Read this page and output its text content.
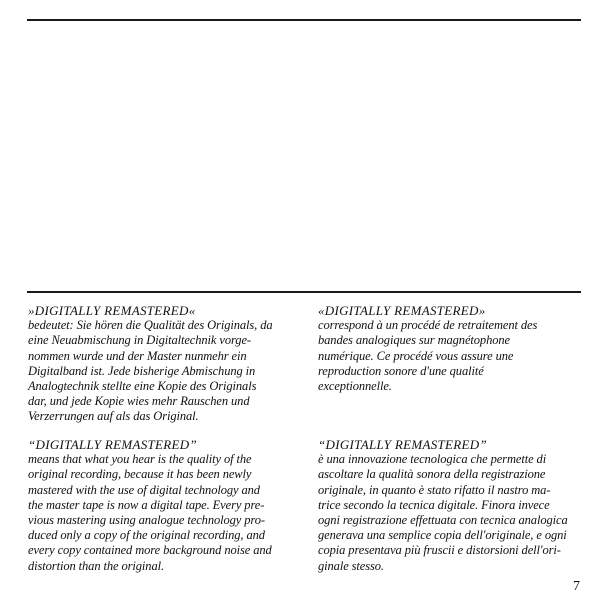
»DIGITALLY REMASTERED«
bedeutet: Sie hören die Qualität des Originals, da
eine Neuabmischung in Digitaltechnik vorge-
nommen wurde und der Master nunmehr ein
Digitalband ist. Jede bisherige Abmischung in
Analogtechnik stellte eine Kopie des Originals
dar, und jede Kopie wies mehr Rauschen und
Verzerrungen auf als das Original.
«DIGITALLY REMASTERED»
correspond à un procédé de retraitement des
bandes analogiques sur magnétophone
numérique. Ce procédé vous assure une
reproduction sonore d'une qualité
exceptionnelle.
“DIGITALLY REMASTERED”
means that what you hear is the quality of the
original recording, because it has been newly
mastered with the use of digital technology and
the master tape is now a digital tape. Every pre-
vious mastering using analogue technology pro-
duced only a copy of the original recording, and
every copy contained more background noise and
distortion than the original.
“DIGITALLY REMASTERED”
è una innovazione tecnologica che permette di
ascoltare la qualità sonora della registrazione
originale, in quanto è stato rifatto il nastro ma-
trice secondo la tecnica digitale. Finora invece
ogni registrazione effettuata con tecnica analogica
generava una semplice copia dell'originale, e ogni
copia presentava più fruscii e distorsioni dell'ori-
ginale stesso.
7
